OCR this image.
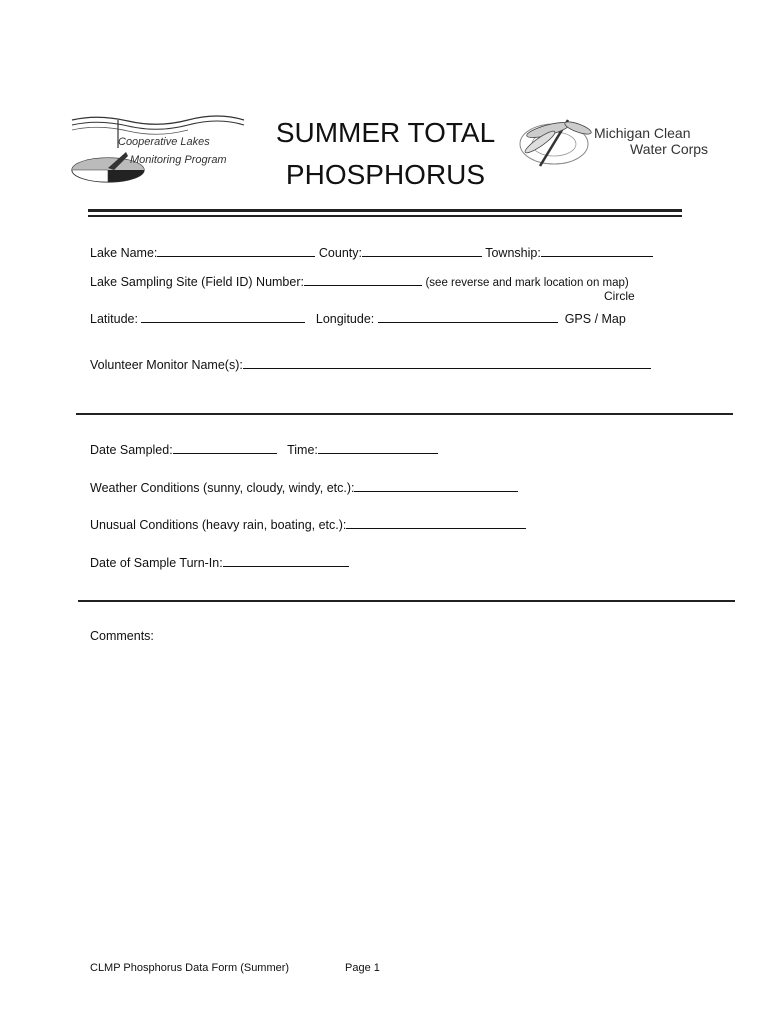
Cooperative Lakes
Monitoring Program
SUMMER TOTAL
PHOSPHORUS
Michigan Clean
Water Corps
Lake Name:	County:	Township:
Lake Sampling Site (Field ID) Number:	(see reverse and mark location on map)
Circle
Latitude:	Longitude:	GPS / Map
Volunteer Monitor Name(s):
Date Sampled:	Time:
Weather Conditions (sunny, cloudy, windy, etc.):
Unusual Conditions (heavy rain, boating, etc.):
Date of Sample Turn-In:
Comments:
CLMP Phosphorus Data Form (Summer)	Page 1
